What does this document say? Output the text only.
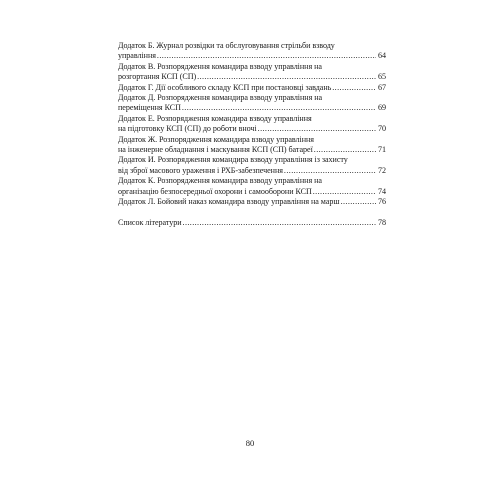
Додаток Б. Журнал розвідки та обслуговування стрільби взводу
управління .....	64
Додаток В. Розпорядження командира взводу управління на
розгортання КСП (СП) .....	65
Додаток Г. Дії особливого складу КСП при постановці завдань .....	67
Додаток Д. Розпорядження командира взводу управління на
переміщення КСП .....	69
Додаток Е. Розпорядження командира взводу управління
на підготовку КСП (СП) до роботи вночі .....	70
Додаток Ж. Розпорядження командира взводу управління
на інженерне обладнання і маскування КСП (СП) батареї .....	71
Додаток И. Розпорядження командира взводу управління із захисту
від зброї масового ураження і РХБ-забезпечення .....	72
Додаток К. Розпорядження командира взводу управління на
організацію безпосередньої охорони і самооборони КСП .....	74
Додаток Л. Бойовий наказ командира взводу управління на марш .....	76
Список літератури .....	78
80
